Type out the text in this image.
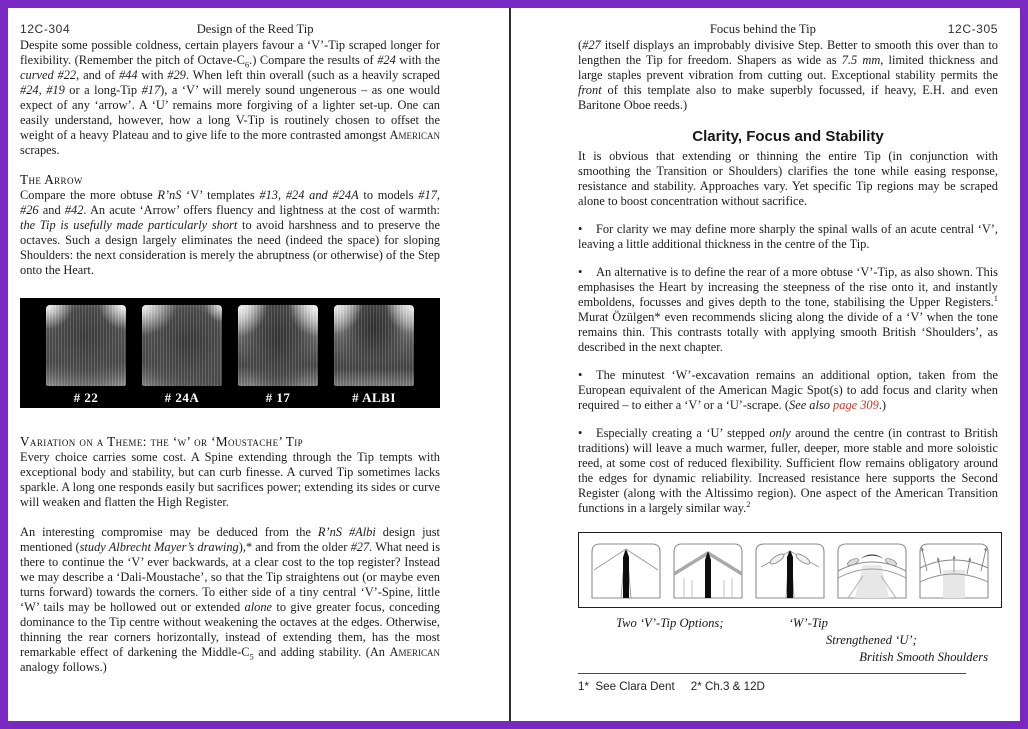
12C-304	Design of the Reed Tip

Despite some possible coldness, certain players favour a ‘V’-Tip scraped longer for flexibility. (Remember the pitch of Octave-$C_6$.) Compare the results of #24 with the curved #22, and of #44 with #29. When left thin overall (such as a heavily scraped #24, #19 or a long-Tip #17), a ‘V’ will merely sound ungenerous – as one would expect of any ‘arrow’. A ‘U’ remains more forgiving of a lighter set-up. One can easily understand, however, how a long V-Tip is routinely chosen to offset the weight of a heavy Plateau and to give life to the more contrasted amongst American scrapes.

The Arrow

Compare the more obtuse R’nS ‘V’ templates #13, #24 and #24A to models #17, #26 and #42. An acute ‘Arrow’ offers fluency and lightness at the cost of warmth: the Tip is usefully made particularly short to avoid harshness and to preserve the octaves. Such a design largely eliminates the need (indeed the space) for sloping Shoulders: the next consideration is merely the abruptness (or otherwise) of the Step onto the Heart.

# 22	# 24A	# 17	# ALBI
Variation on a Theme: the ‘w’ or ‘Moustache’ Tip

Every choice carries some cost. A Spine extending through the Tip tempts with exceptional body and stability, but can curb finesse. A curved Tip sometimes lacks sparkle. A long one responds easily but sacrifices power; extending its sides or curve will weaken and flatten the High Register.

An interesting compromise may be deduced from the R’nS #Albi design just mentioned (study Albrecht Mayer’s drawing),* and from the older #27. What need is there to continue the ‘V’ ever backwards, at a clear cost to the top register? Instead we may describe a ‘Dali-Moustache’, so that the Tip straightens out (or maybe even turns forward) towards the corners. To either side of a tiny central ‘V’-Spine, little ‘W’ tails may be hollowed out or extended alone to give greater focus, conceding dominance to the Tip centre without weakening the octaves at the edges. Otherwise, thinning the rear corners horizontally, instead of extending them, has the most remarkable effect of darkening the Middle-$C_5$ and adding stability. (An American analogy follows.)

Focus behind the Tip	12C-305

(#27 itself displays an improbably divisive Step. Better to smooth this over than to lengthen the Tip for freedom. Shapers as wide as 7.5 mm, limited thickness and large staples prevent vibration from cutting out. Exceptional stability permits the front of this template also to make superbly focussed, if heavy, E.H. and even Baritone Oboe reeds.)

Clarity, Focus and Stability

It is obvious that extending or thinning the entire Tip (in conjunction with smoothing the Transition or Shoulders) clarifies the tone while easing response, resistance and stability. Approaches vary. Yet specific Tip regions may be scraped alone to boost concentration without sacrifice.

• For clarity we may define more sharply the spinal walls of an acute central ‘V’, leaving a little additional thickness in the centre of the Tip.

• An alternative is to define the rear of a more obtuse ‘V’-Tip, as also shown. This emphasises the Heart by increasing the steepness of the rise onto it, and instantly emboldens, focusses and gives depth to the tone, stabilising the Upper Registers.$^1$ Murat Özülgen* even recommends slicing along the divide of a ‘V’ when the tone remains thin. This contrasts totally with applying smooth British ‘Shoulders’, as described in the next chapter.

• The minutest ‘W’-excavation remains an additional option, taken from the European equivalent of the American Magic Spot(s) to add focus and clarity when required – to either a ‘V’ or a ‘U’-scrape. (See also page 309.)

• Especially creating a ‘U’ stepped only around the centre (in contrast to British traditions) will leave a much warmer, fuller, deeper, more stable and more soloistic reed, at some cost of reduced flexibility. Sufficient flow remains obligatory around the edges for dynamic reliability. Increased resistance here supports the Second Register (along with the Altissimo region). One aspect of the American Transition functions in a largely similar way.$^2$

Two ‘V’-Tip Options;	‘W’-Tip
Strengthened ‘U’;
British Smooth Shoulders
1*  See Clara Dent     2* Ch.3 & 12D
